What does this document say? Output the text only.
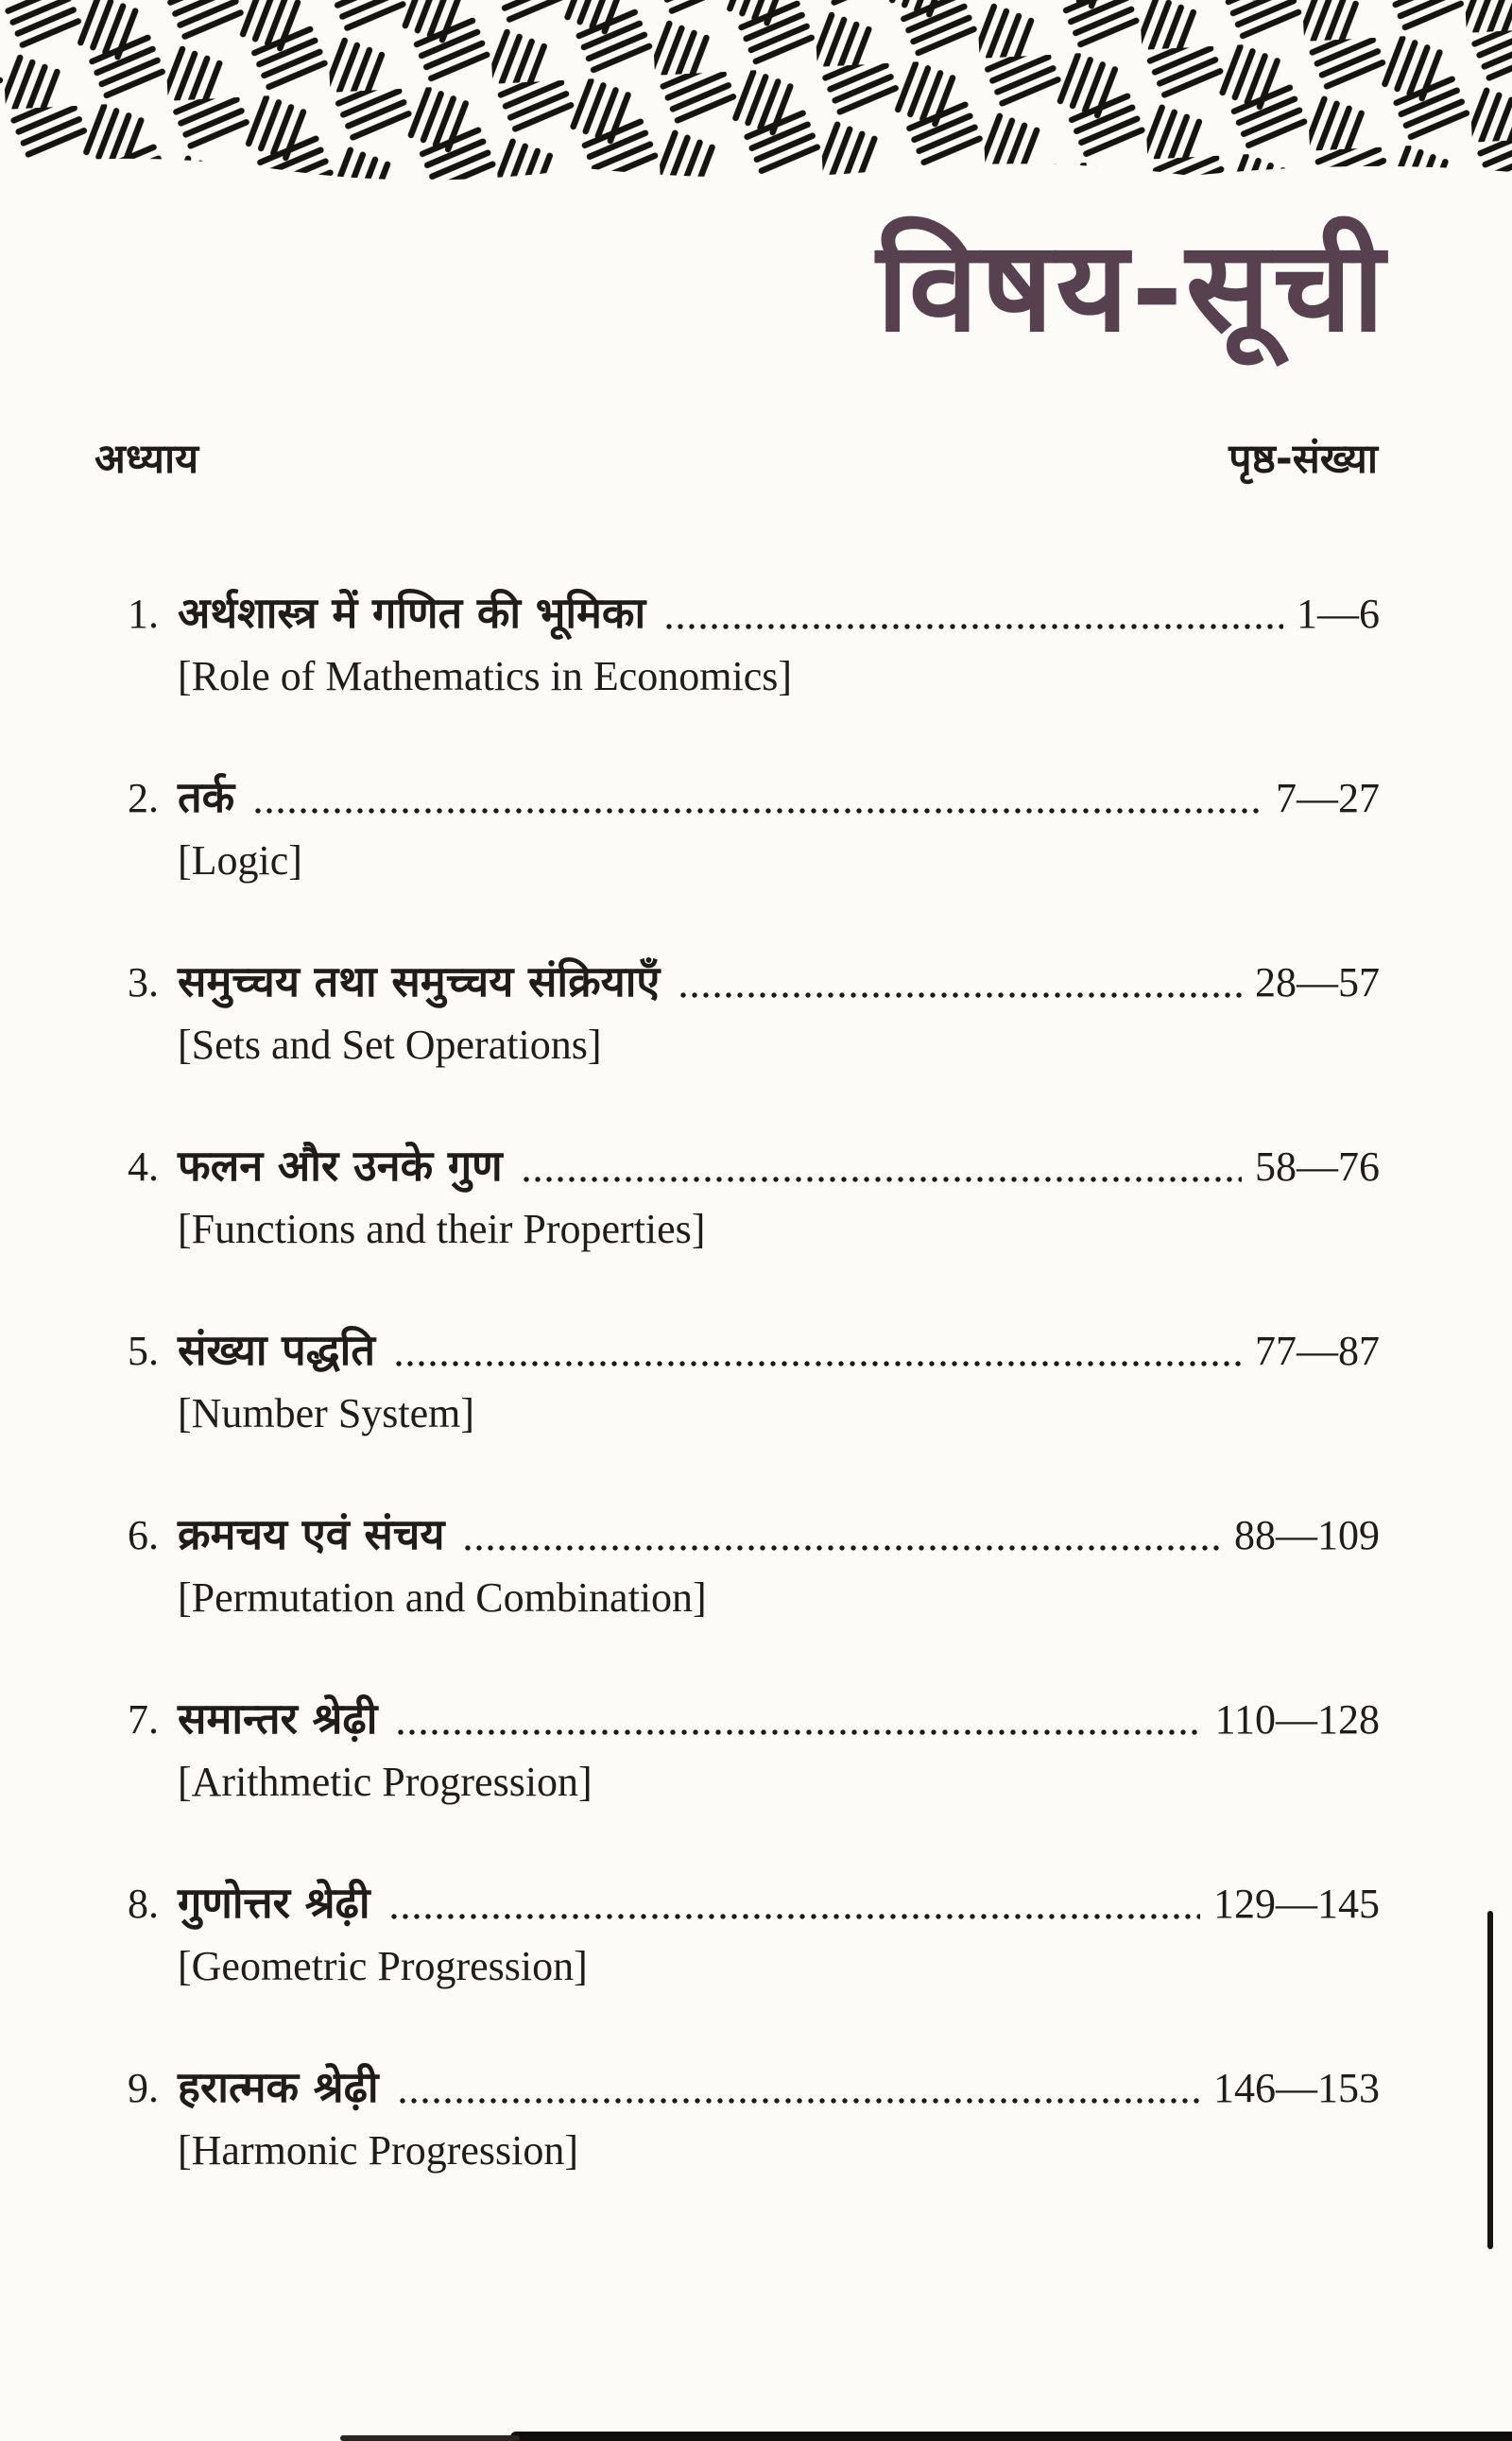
विषय-सूची
अध्याय	पृष्ठ-संख्या
1. अर्थशास्त्र में गणित की भूमिका	1—6
[Role of Mathematics in Economics]
2. तर्क	7—27
[Logic]
3. समुच्चय तथा समुच्चय संक्रियाएँ	28—57
[Sets and Set Operations]
4. फलन और उनके गुण	58—76
[Functions and their Properties]
5. संख्या पद्धति	77—87
[Number System]
6. क्रमचय एवं संचय	88—109
[Permutation and Combination]
7. समान्तर श्रेढ़ी	110—128
[Arithmetic Progression]
8. गुणोत्तर श्रेढ़ी	129—145
[Geometric Progression]
9. हरात्मक श्रेढ़ी	146—153
[Harmonic Progression]
